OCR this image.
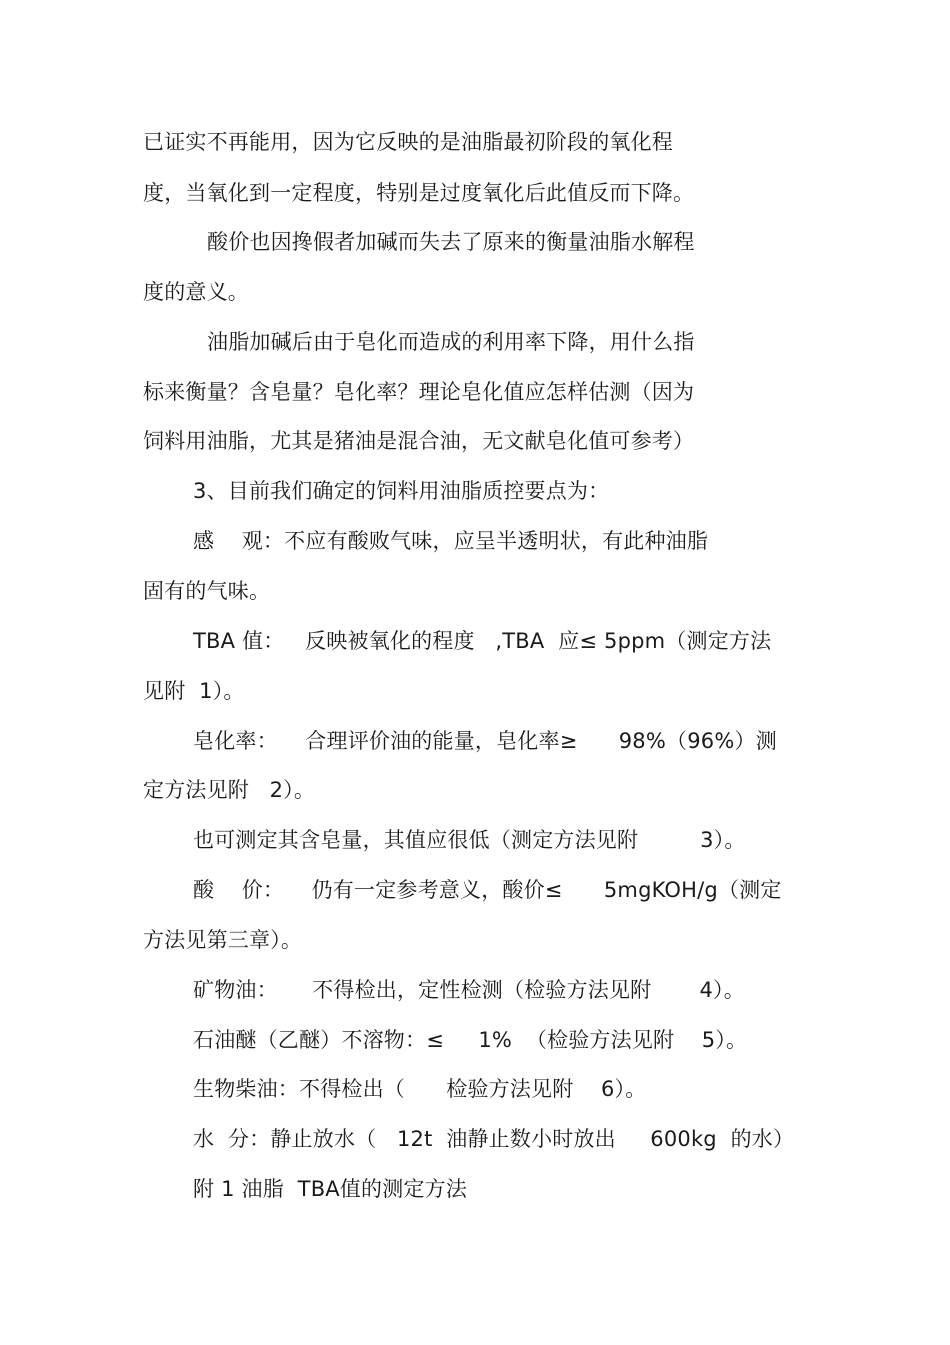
已证实不再能用，因为它反映的是油脂最初阶段的氧化程
度，当氧化到一定程度，特别是过度氧化后此值反而下降。
酸价也因搀假者加碱而失去了原来的衡量油脂水解程
度的意义。
油脂加碱后由于皂化而造成的利用率下降，用什么指
标来衡量？含皂量？皂化率？理论皂化值应怎样估测（因为
饲料用油脂，尤其是猪油是混合油，无文献皂化值可参考）
3、目前我们确定的饲料用油脂质控要点为：
感    观：不应有酸败气味，应呈半透明状，有此种油脂
固有的气味。
TBA 值：   反映被氧化的程度   ,TBA  应≤ 5ppm（测定方法
见附  1）。
皂化率：    合理评价油的能量，皂化率≥      98%（96%）测
定方法见附   2）。
也可测定其含皂量，其值应很低（测定方法见附         3）。
酸    价：    仍有一定参考意义，酸价≤      5mgKOH/g（测定
方法见第三章）。
矿物油：     不得检出，定性检测（检验方法见附       4）。
石油醚（乙醚）不溶物：≤     1%  （检验方法见附    5）。
生物柴油：不得检出（      检验方法见附    6）。
水  分：静止放水（   12t  油静止数小时放出     600kg  的水）
附 1 油脂  TBA值的测定方法
